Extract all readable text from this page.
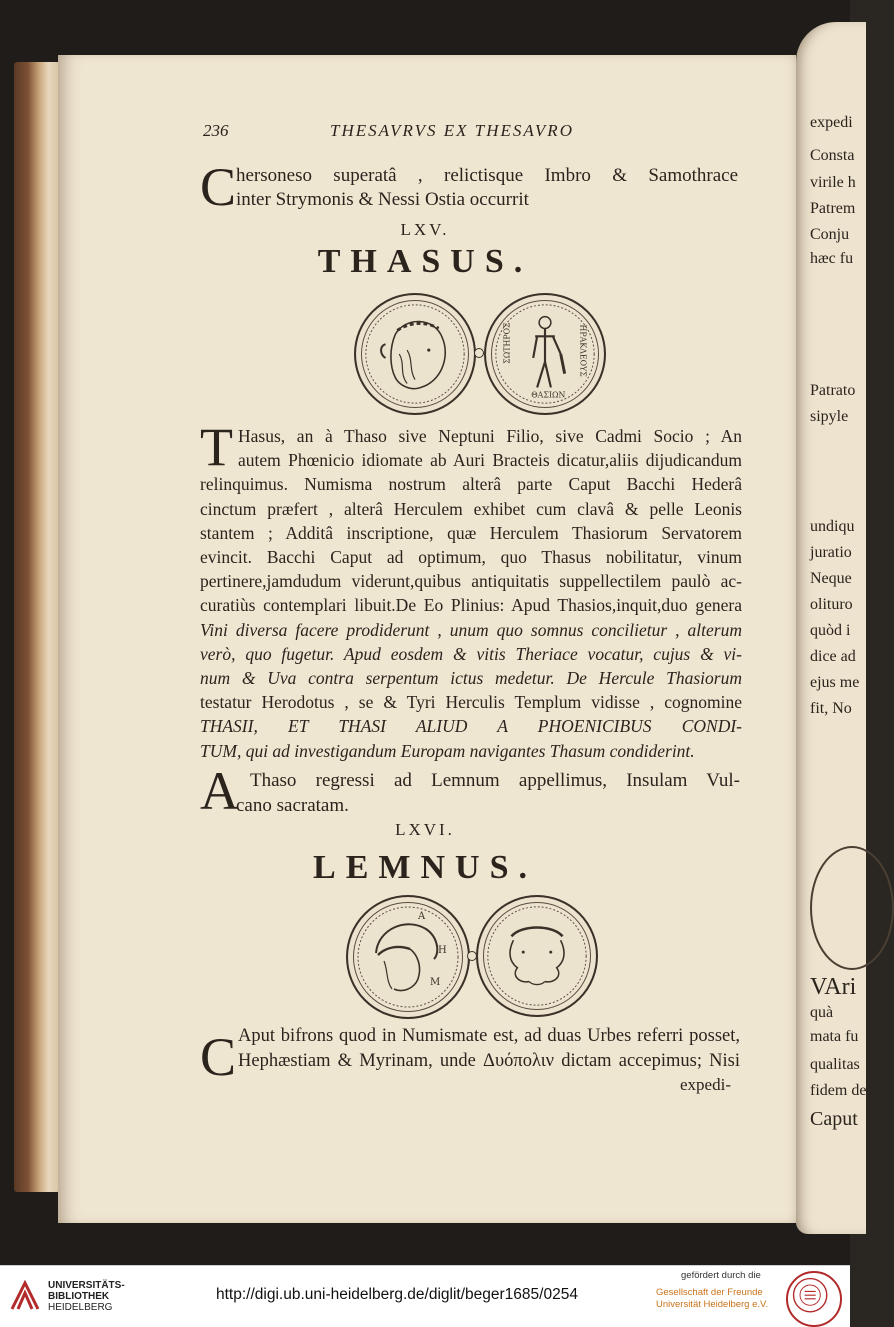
expedi
Consta
virile h
Patrem
Conju
hæc fu
Patrato
sipyle
undiqu
juratio
Neque
olituro
quòd i
dice ad
ejus me
fit, No
VAri
quà
mata fu
qualitas
fidem de
Caput
236	THESAVRVS EX THESAVRO
C hersoneso superatâ , relictisque Imbro & Samothrace
inter Strymonis & Nessi Ostia occurrit
LXV.
THASUS.
ΣΩΤΗΡΟΣ	ΗΡΑΚΛΕΟΥΣ
ΘΑΣΙΩΝ
T Hasus, an à Thaso sive Neptuni Filio, sive Cadmi Socio ; An
autem Phœnicio idiomate ab Auri Bracteis dicatur,aliis dijudicandum
relinquimus. Numisma nostrum alterâ parte Caput Bacchi Hederâ
cinctum præfert , alterâ Herculem exhibet cum clavâ & pelle Leonis
stantem ; Additâ inscriptione, quæ Herculem Thasiorum Servatorem
evincit. Bacchi Caput ad optimum, quo Thasus nobilitatur, vinum
pertinere,jamdudum viderunt,quibus antiquitatis suppellectilem paulò ac-
curatiùs contemplari libuit.De Eo Plinius: Apud Thasios,inquit,duo genera
Vini diversa facere prodiderunt , unum quo somnus concilietur , alterum
verò, quo fugetur. Apud eosdem & vitis Theriace vocatur, cujus & vi-
num & Uva contra serpentum ictus medetur. De Hercule Thasiorum
testatur Herodotus , se & Tyri Herculis Templum vidisse , cognomine
THASII, ET THASI ALIUD A PHOENICIBUS CONDI-
TUM, qui ad investigandum Europam navigantes Thasum condiderint.
A Thaso regressi ad Lemnum appellimus, Insulam Vul-
cano sacratam.
LXVI.
LEMNUS.
Α
Η
Μ
C Aput bifrons quod in Numismate est, ad duas Urbes referri posset,
Hephæstiam & Myrinam, unde Δυόπολιν dictam accepimus; Nisi
expedi-
UNIVERSITÄTS-
BIBLIOTHEK
HEIDELBERG
http://digi.ub.uni-heidelberg.de/diglit/beger1685/0254
gefördert durch die
Gesellschaft der Freunde
Universität Heidelberg e.V.
